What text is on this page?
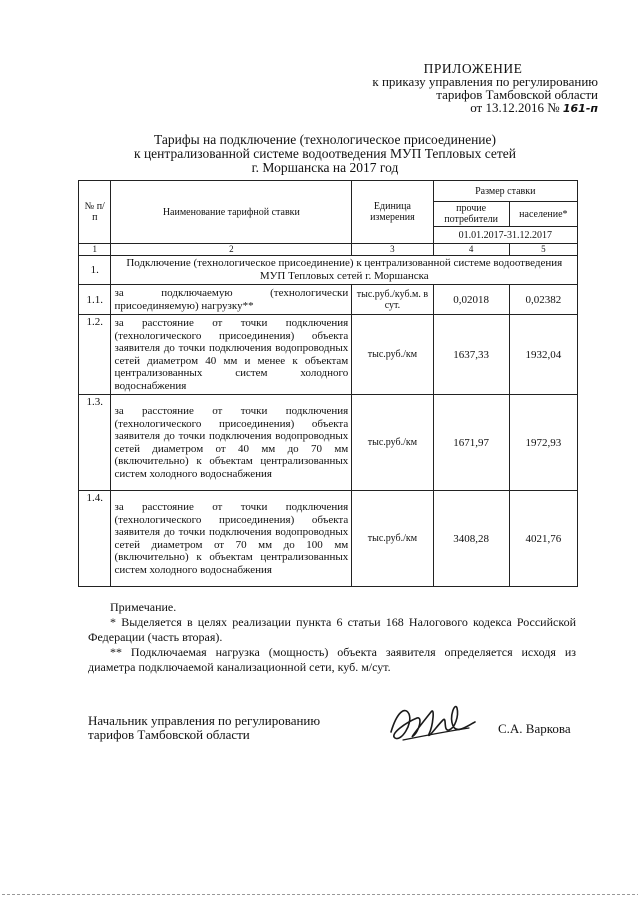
ПРИЛОЖЕНИЕ
к приказу управления по регулированию
тарифов Тамбовской области
от 13.12.2016 № 161-п
Тарифы на подключение (технологическое присоединение)
к централизованной системе водоотведения МУП Тепловых сетей
г. Моршанска на 2017 год
№ п/п	Наименование тарифной ставки	Единица измерения	Размер ставки	
			прочие потребители	население*
			01.01.2017-31.12.2017	
1	2	3	4	5
1.	Подключение (технологическое присоединение) к централизованной системе водоотведения МУП Тепловых сетей г. Моршанска			
1.1.	за подключаемую (технологически присоединяемую) нагрузку**	тыс.руб./куб.м. в сут.	0,02018	0,02382
1.2.	за расстояние от точки подключения (технологического присоединения) объекта заявителя до точки подключения водопроводных сетей диаметром 40 мм и менее к объектам централизованных систем холодного водоснабжения	тыс.руб./км	1637,33	1932,04
1.3.	за расстояние от точки подключения (технологического присоединения) объекта заявителя до точки подключения водопроводных сетей диаметром от 40 мм до 70 мм (включительно) к объектам централизованных систем холодного водоснабжения	тыс.руб./км	1671,97	1972,93
1.4.	за расстояние от точки подключения (технологического присоединения) объекта заявителя до точки подключения водопроводных сетей диаметром от 70 мм до 100 мм (включительно) к объектам централизованных систем холодного водоснабжения	тыс.руб./км	3408,28	4021,76

Примечание.

* Выделяется в целях реализации пункта 6 статьи 168 Налогового кодекса Российской Федерации (часть вторая).

** Подключаемая нагрузка (мощность) объекта заявителя определяется исходя из диаметра подключаемой канализационной сети, куб. м/сут.

Начальник управления по регулированию
тарифов Тамбовской области	С.А. Варкова
